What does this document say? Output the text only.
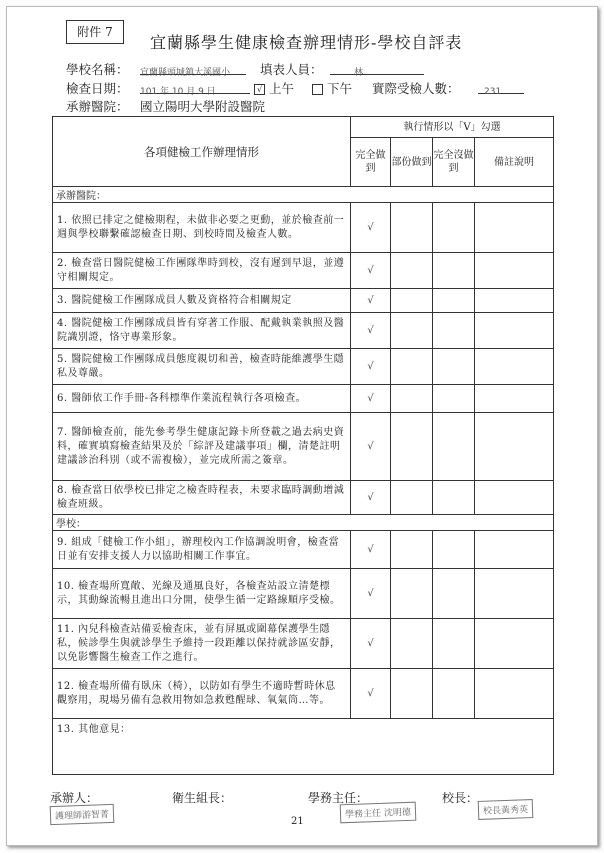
附件 7
宜蘭縣學生健康檢查辦理情形-學校自評表
學校名稱： 宜蘭縣頭城鎮大溪國小	填表人員：	林
檢查日期： 101 年 10 月 9 日	√ 上午	下午 實際受檢人數：	231
承辦醫院： 國立陽明大學附設醫院
各項健檢工作辦理情形	執行情形以「V」勾選			
	完全做到	部份做到	完全沒做到	備註說明
承辦醫院：				
1. 依照已排定之健檢期程，未做非必要之更動，並於檢查前一週與學校聯繫確認檢查日期、到校時間及檢查人數。	√			
2. 檢查當日醫院健檢工作團隊準時到校，沒有遲到早退，並遵守相關規定。	√			
3. 醫院健檢工作團隊成員人數及資格符合相關規定	√			
4. 醫院健檢工作團隊成員皆有穿著工作服、配戴執業執照及醫院識別證，恪守專業形象。	√			
5. 醫院健檢工作團隊成員態度親切和善，檢查時能維護學生隱私及尊嚴。	√			
6. 醫師依工作手冊-各科標準作業流程執行各項檢查。	√			
7. 醫師檢查前，能先參考學生健康記錄卡所登載之過去病史資料，確實填寫檢查結果及於「綜評及建議事項」欄，清楚註明建議診治科別（或不需複檢），並完成所需之簽章。	√			
8. 檢查當日依學校已排定之檢查時程表，未要求臨時調動增減檢查班級。	√			
學校：				
9. 組成「健檢工作小組」，辦理校內工作協調說明會，檢查當日並有安排支援人力以協助相關工作事宜。	√			
10. 檢查場所寬敞、光線及通風良好，各檢查站設立清楚標示，其動線流暢且進出口分開，使學生循一定路線順序受檢。	√			
11. 內兒科檢查站備妥檢查床，並有屏風或圍幕保護學生隱私，候診學生與就診學生予維持一段距離以保持就診區安靜，以免影響醫生檢查工作之進行。	√			
12. 檢查場所備有臥床（椅），以防如有學生不適時暫時休息觀察用，現場另備有急救用物如急救甦醒球、氧氣筒…等。	√			
13. 其他意見：				
承辦人：	衛生組長：	學務主任：	校長：
護理師游智菁	學務主任 沈明德	校長黃秀英
21
